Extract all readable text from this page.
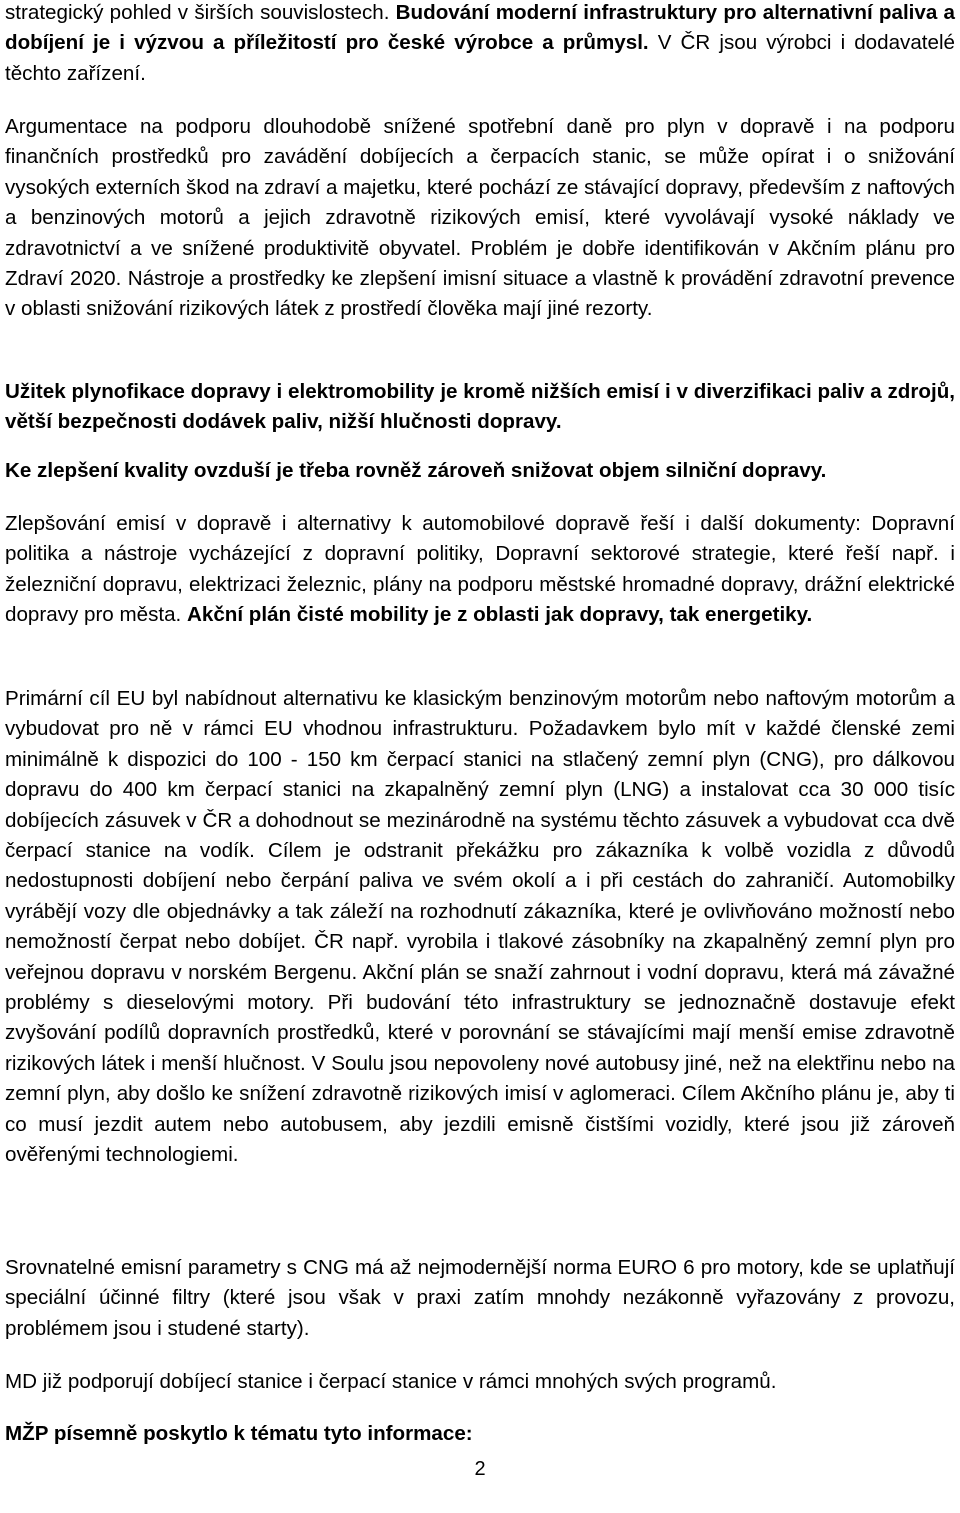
strategický pohled v širších souvislostech. Budování moderní infrastruktury pro alternativní paliva a dobíjení je i výzvou a příležitostí pro české výrobce a průmysl. V ČR jsou výrobci i dodavatelé těchto zařízení.

Argumentace na podporu dlouhodobě snížené spotřební daně pro plyn v dopravě i na podporu finančních prostředků pro zavádění dobíjecích a čerpacích stanic, se může opírat i o snižování vysokých externích škod na zdraví a majetku, které pochází ze stávající dopravy, především z naftových a benzinových motorů a jejich zdravotně rizikových emisí, které vyvolávají vysoké náklady ve zdravotnictví a ve snížené produktivitě obyvatel. Problém je dobře identifikován v Akčním plánu pro Zdraví 2020. Nástroje a prostředky ke zlepšení imisní situace a vlastně k provádění zdravotní prevence v oblasti snižování rizikových látek z prostředí člověka mají jiné rezorty.

Užitek plynofikace dopravy i elektromobility je kromě nižších emisí i v diverzifikaci paliv a zdrojů, větší bezpečnosti dodávek paliv, nižší hlučnosti dopravy.

Ke zlepšení kvality ovzduší je třeba rovněž zároveň snižovat objem silniční dopravy.

Zlepšování emisí v dopravě i alternativy k automobilové dopravě řeší i další dokumenty: Dopravní politika a nástroje vycházející z dopravní politiky, Dopravní sektorové strategie, které řeší např. i železniční dopravu, elektrizaci železnic, plány na podporu městské hromadné dopravy, drážní elektrické dopravy pro města. Akční plán čisté mobility je z oblasti jak dopravy, tak energetiky.

Primární cíl EU byl nabídnout alternativu ke klasickým benzinovým motorům nebo naftovým motorům a vybudovat pro ně v rámci EU vhodnou infrastrukturu. Požadavkem bylo mít v každé členské zemi minimálně k dispozici do 100 - 150 km čerpací stanici na stlačený zemní plyn (CNG), pro dálkovou dopravu do 400 km čerpací stanici na zkapalněný zemní plyn (LNG) a instalovat cca 30 000 tisíc dobíjecích zásuvek v ČR a dohodnout se mezinárodně na systému těchto zásuvek a vybudovat cca dvě čerpací stanice na vodík. Cílem je odstranit překážku pro zákazníka k volbě vozidla z důvodů nedostupnosti dobíjení nebo čerpání paliva ve svém okolí a i při cestách do zahraničí. Automobilky vyrábějí vozy dle objednávky a tak záleží na rozhodnutí zákazníka, které je ovlivňováno možností nebo nemožností čerpat nebo dobíjet. ČR např. vyrobila i tlakové zásobníky na zkapalněný zemní plyn pro veřejnou dopravu v norském Bergenu. Akční plán se snaží zahrnout i vodní dopravu, která má závažné problémy s dieselovými motory. Při budování této infrastruktury se jednoznačně dostavuje efekt zvyšování podílů dopravních prostředků, které v porovnání se stávajícími mají menší emise zdravotně rizikových látek i menší hlučnost. V Soulu jsou nepovoleny nové autobusy jiné, než na elektřinu nebo na zemní plyn, aby došlo ke snížení zdravotně rizikových imisí v aglomeraci. Cílem Akčního plánu je, aby ti co musí jezdit autem nebo autobusem, aby jezdili emisně čistšími vozidly, které jsou již zároveň ověřenými technologiemi.

Srovnatelné emisní parametry s CNG má až nejmodernější norma EURO 6 pro motory, kde se uplatňují speciální účinné filtry (které jsou však v praxi zatím mnohdy nezákonně vyřazovány z provozu, problémem jsou i studené starty).

MD již podporují dobíjecí stanice i čerpací stanice v rámci mnohých svých programů.

MŽP písemně poskytlo k tématu tyto informace:

2
